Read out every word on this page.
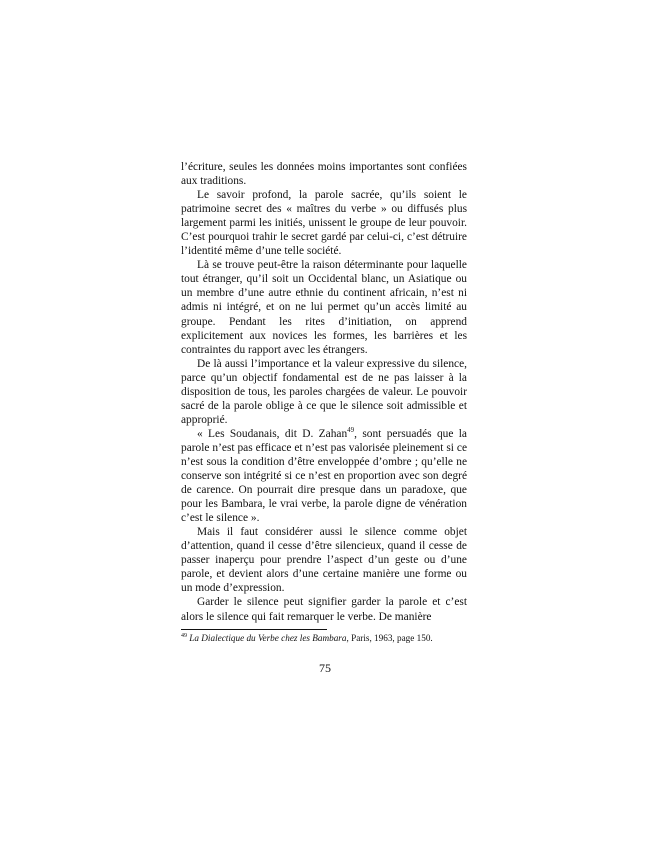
l’écriture, seules les données moins importantes sont confiées aux traditions.

Le savoir profond, la parole sacrée, qu’ils soient le patrimoine secret des « maîtres du verbe » ou diffusés plus largement parmi les initiés, unissent le groupe de leur pouvoir. C’est pourquoi trahir le secret gardé par celui-ci, c’est détruire l’identité même d’une telle société.

Là se trouve peut-être la raison déterminante pour laquelle tout étranger, qu’il soit un Occidental blanc, un Asiatique ou un membre d’une autre ethnie du continent africain, n’est ni admis ni intégré, et on ne lui permet qu’un accès limité au groupe. Pendant les rites d’initiation, on apprend explicitement aux novices les formes, les barrières et les contraintes du rapport avec les étrangers.

De là aussi l’importance et la valeur expressive du silence, parce qu’un objectif fondamental est de ne pas laisser à la disposition de tous, les paroles chargées de valeur. Le pouvoir sacré de la parole oblige à ce que le silence soit admissible et approprié.

« Les Soudanais, dit D. Zahan$^{49}$, sont persuadés que la parole n’est pas efficace et n’est pas valorisée pleinement si ce n’est sous la condition d’être enveloppée d’ombre ; qu’elle ne conserve son intégrité si ce n’est en proportion avec son degré de carence. On pourrait dire presque dans un paradoxe, que pour les Bambara, le vrai verbe, la parole digne de vénération c’est le silence ».

Mais il faut considérer aussi le silence comme objet d’attention, quand il cesse d’être silencieux, quand il cesse de passer inaperçu pour prendre l’aspect d’un geste ou d’une parole, et devient alors d’une certaine manière une forme ou un mode d’expression.

Garder le silence peut signifier garder la parole et c’est alors le silence qui fait remarquer le verbe. De manière

$^{49}$ La Dialectique du Verbe chez les Bambara, Paris, 1963, page 150.
75
